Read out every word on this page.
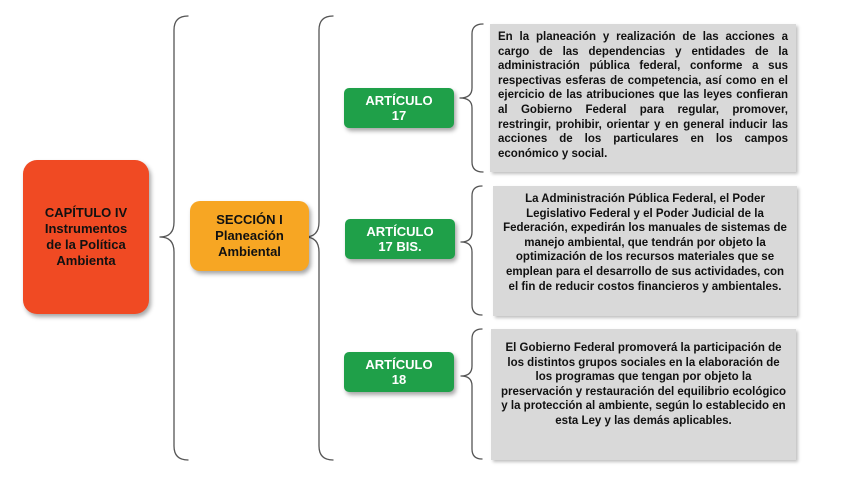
CAPÍTULO IV
Instrumentos
de la Política
Ambienta
SECCIÓN I
Planeación
Ambiental
ARTÍCULO
17
ARTÍCULO
17 BIS.
ARTÍCULO
18
En la planeación y realización de las acciones a cargo de las dependencias y entidades de la administración pública federal, conforme a sus respectivas esferas de competencia, así como en el ejercicio de las atribuciones que las leyes confieran al Gobierno Federal para regular, promover, restringir, prohibir, orientar y en general inducir las acciones de los particulares en los campos económico y social.
La Administración Pública Federal, el Poder Legislativo Federal y el Poder Judicial de la Federación, expedirán los manuales de sistemas de manejo ambiental, que tendrán por objeto la optimización de los recursos materiales que se emplean para el desarrollo de sus actividades, con el fin de reducir costos financieros y ambientales.
El Gobierno Federal promoverá la participación de los distintos grupos sociales en la elaboración de los programas que tengan por objeto la preservación y restauración del equilibrio ecológico y la protección al ambiente, según lo establecido en esta Ley y las demás aplicables.
